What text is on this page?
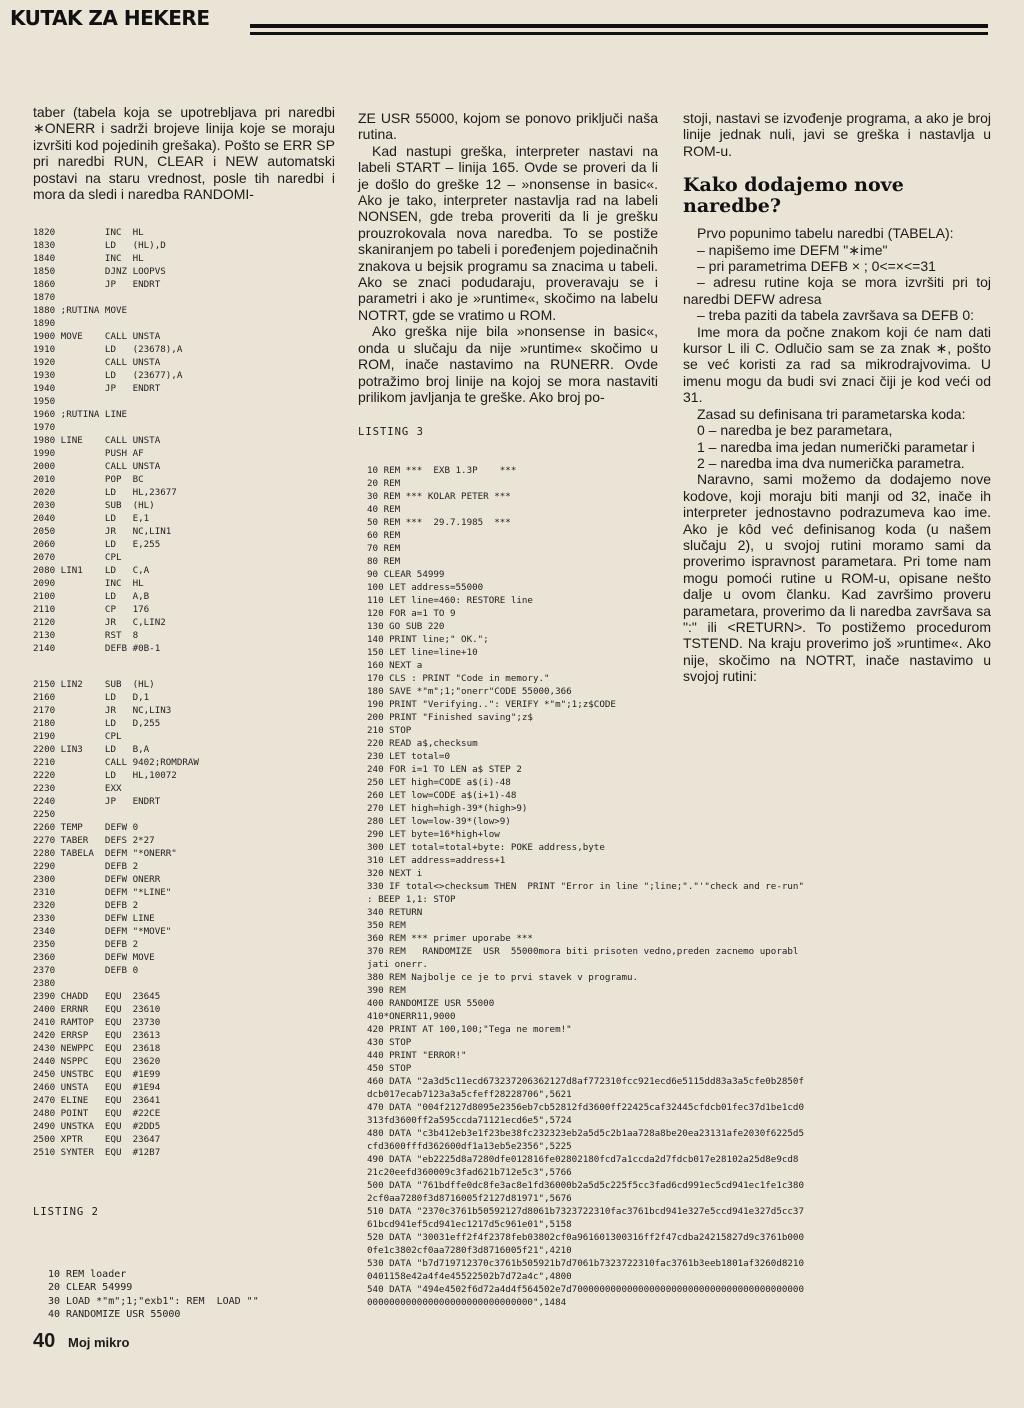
KUTAK ZA HEKERE

taber (tabela koja se upotrebljava pri naredbi ∗ONERR i sadrži brojeve linija koje se moraju izvršiti kod pojedinih grešaka). Pošto se ERR SP pri naredbi RUN, CLEAR i NEW automatski postavi na staru vrednost, posle tih naredbi i mora da sledi i naredba RANDOMI-

1820         INC  HL
1830         LD   (HL),D
1840         INC  HL
1850         DJNZ LOOPVS
1860         JP   ENDRT
1870
1880 ;RUTINA MOVE
1890
1900 MOVE    CALL UNSTA
1910         LD   (23678),A
1920         CALL UNSTA
1930         LD   (23677),A
1940         JP   ENDRT
1950
1960 ;RUTINA LINE
1970
1980 LINE    CALL UNSTA
1990         PUSH AF
2000         CALL UNSTA
2010         POP  BC
2020         LD   HL,23677
2030         SUB  (HL)
2040         LD   E,1
2050         JR   NC,LIN1
2060         LD   E,255
2070         CPL
2080 LIN1    LD   C,A
2090         INC  HL
2100         LD   A,B
2110         CP   176
2120         JR   C,LIN2
2130         RST  8
2140         DEFB #0B-1
2150 LIN2    SUB  (HL)
2160         LD   D,1
2170         JR   NC,LIN3
2180         LD   D,255
2190         CPL
2200 LIN3    LD   B,A
2210         CALL 9402;ROMDRAW
2220         LD   HL,10072
2230         EXX
2240         JP   ENDRT
2250
2260 TEMP    DEFW 0
2270 TABER   DEFS 2*27
2280 TABELA  DEFM "*ONERR"
2290         DEFB 2
2300         DEFW ONERR
2310         DEFM "*LINE"
2320         DEFB 2
2330         DEFW LINE
2340         DEFM "*MOVE"
2350         DEFB 2
2360         DEFW MOVE
2370         DEFB 0
2380
2390 CHADD   EQU  23645
2400 ERRNR   EQU  23610
2410 RAMTOP  EQU  23730
2420 ERRSP   EQU  23613
2430 NEWPPC  EQU  23618
2440 NSPPC   EQU  23620
2450 UNSTBC  EQU  #1E99
2460 UNSTA   EQU  #1E94
2470 ELINE   EQU  23641
2480 POINT   EQU  #22CE
2490 UNSTKA  EQU  #2DD5
2500 XPTR    EQU  23647
2510 SYNTER  EQU  #12B7
LISTING 2
10 REM loader
20 CLEAR 54999
30 LOAD *"m";1;"exb1": REM  LOAD ""
40 RANDOMIZE USR 55000

ZE USR 55000, kojom se ponovo priključi naša rutina.

Kad nastupi greška, interpreter nastavi na labeli START – linija 165. Ovde se proveri da li je došlo do greške 12 – »nonsense in basic«. Ako je tako, interpreter nastavlja rad na labeli NONSEN, gde treba proveriti da li je grešku prouzrokovala nova naredba. To se postiže skaniranjem po tabeli i poređenjem pojedinačnih znakova u bejsik programu sa znacima u tabeli. Ako se znaci podudaraju, proveravaju se i parametri i ako je »runtime«, skočimo na labelu NOTRT, gde se vratimo u ROM.

Ako greška nije bila »nonsense in basic«, onda u slučaju da nije »runtime« skočimo u ROM, inače nastavimo na RUNERR. Ovde potražimo broj linije na kojoj se mora nastaviti prilikom javljanja te greške. Ako broj po-

LISTING 3
10 REM ***  EXB 1.3P    ***
20 REM
30 REM *** KOLAR PETER ***
40 REM
50 REM ***  29.7.1985  ***
60 REM
70 REM
80 REM
90 CLEAR 54999
100 LET address=55000
110 LET line=460: RESTORE line
120 FOR a=1 TO 9
130 GO SUB 220
140 PRINT line;" OK.";
150 LET line=line+10
160 NEXT a
170 CLS : PRINT "Code in memory."
180 SAVE *"m";1;"onerr"CODE 55000,366
190 PRINT "Verifying..": VERIFY *"m";1;z$CODE
200 PRINT "Finished saving";z$
210 STOP
220 READ a$,checksum
230 LET total=0
240 FOR i=1 TO LEN a$ STEP 2
250 LET high=CODE a$(i)-48
260 LET low=CODE a$(i+1)-48
270 LET high=high-39*(high>9)
280 LET low=low-39*(low>9)
290 LET byte=16*high+low
300 LET total=total+byte: POKE address,byte
310 LET address=address+1
320 NEXT i
330 IF total<>checksum THEN  PRINT "Error in line ";line;"."'"check and re-run"
: BEEP 1,1: STOP
340 RETURN
350 REM
360 REM *** primer uporabe ***
370 REM   RANDOMIZE  USR  55000mora biti prisoten vedno,preden zacnemo uporabl
jati onerr.
380 REM Najbolje ce je to prvi stavek v programu.
390 REM
400 RANDOMIZE USR 55000
410*ONERR11,9000
420 PRINT AT 100,100;"Tega ne morem!"
430 STOP
440 PRINT "ERROR!"
450 STOP
460 DATA "2a3d5c11ecd673237206362127d8af772310fcc921ecd6e5115dd83a3a5cfe0b2850f
dcb017ecab7123a3a5cfeff28228706",5621
470 DATA "004f2127d8095e2356eb7cb52812fd3600ff22425caf32445cfdcb01fec37d1be1cd0
313fd3600ff2a595ccda71121ecd6e5",5724
480 DATA "c3b412eb3e1f23be38fc232323eb2a5d5c2b1aa728a8be20ea23131afe2030f6225d5
cfd3600fffd362600df1a13eb5e2356",5225
490 DATA "eb2225d8a7280dfe012816fe02802180fcd7a1ccda2d7fdcb017e28102a25d8e9cd8
21c20eefd360009c3fad621b712e5c3",5766
500 DATA "761bdffe0dc8fe3ac8e1fd36000b2a5d5c225f5cc3fad6cd991ec5cd941ec1fe1c380
2cf0aa7280f3d8716005f2127d81971",5676
510 DATA "2370c3761b50592127d8061b7323722310fac3761bcd941e327e5ccd941e327d5cc37
61bcd941ef5cd941ec1217d5c961e01",5158
520 DATA "30031eff2f4f2378feb03802cf0a961601300316ff2f47cdba24215827d9c3761b000
0fe1c3802cf0aa7280f3d8716005f21",4210
530 DATA "b7d719712370c3761b505921b7d7061b7323722310fac3761b3eeb1801af3260d8210
0401158e42a4f4e45522502b7d72a4c",4800
540 DATA "494e4502f6d72a4d4f564502e7d700000000000000000000000000000000000000000
000000000000000000000000000000",1484

stoji, nastavi se izvođenje programa, a ako je broj linije jednak nuli, javi se greška i nastavlja u ROM-u.

Kako dodajemo nove naredbe?

Prvo popunimo tabelu naredbi (TABELA):

– napišemo ime DEFM "∗ime"

– pri parametrima DEFB × ; 0<=×<=31

– adresu rutine koja se mora izvršiti pri toj naredbi DEFW adresa

– treba paziti da tabela završava sa DEFB 0:

Ime mora da počne znakom koji će nam dati kursor L ili C. Odlučio sam se za znak ∗, pošto se već koristi za rad sa mikrodrajvovima. U imenu mogu da budi svi znaci čiji je kod veći od 31.

Zasad su definisana tri parametarska koda:

0 – naredba je bez parametara,

1 – naredba ima jedan numerički parametar i

2 – naredba ima dva numerička parametra.

Naravno, sami možemo da dodajemo nove kodove, koji moraju biti manji od 32, inače ih interpreter jednostavno podrazumeva kao ime. Ako je kôd već definisanog koda (u našem slučaju 2), u svojoj rutini moramo sami da proverimo ispravnost parametara. Pri tome nam mogu pomoći rutine u ROM-u, opisane nešto dalje u ovom članku. Kad završimo proveru parametara, proverimo da li naredba završava sa ":" ili <RETURN>. To postižemo procedurom TSTEND. Na kraju proverimo još »runtime«. Ako nije, skočimo na NOTRT, inače nastavimo u svojoj rutini:

40 Moj mikro
